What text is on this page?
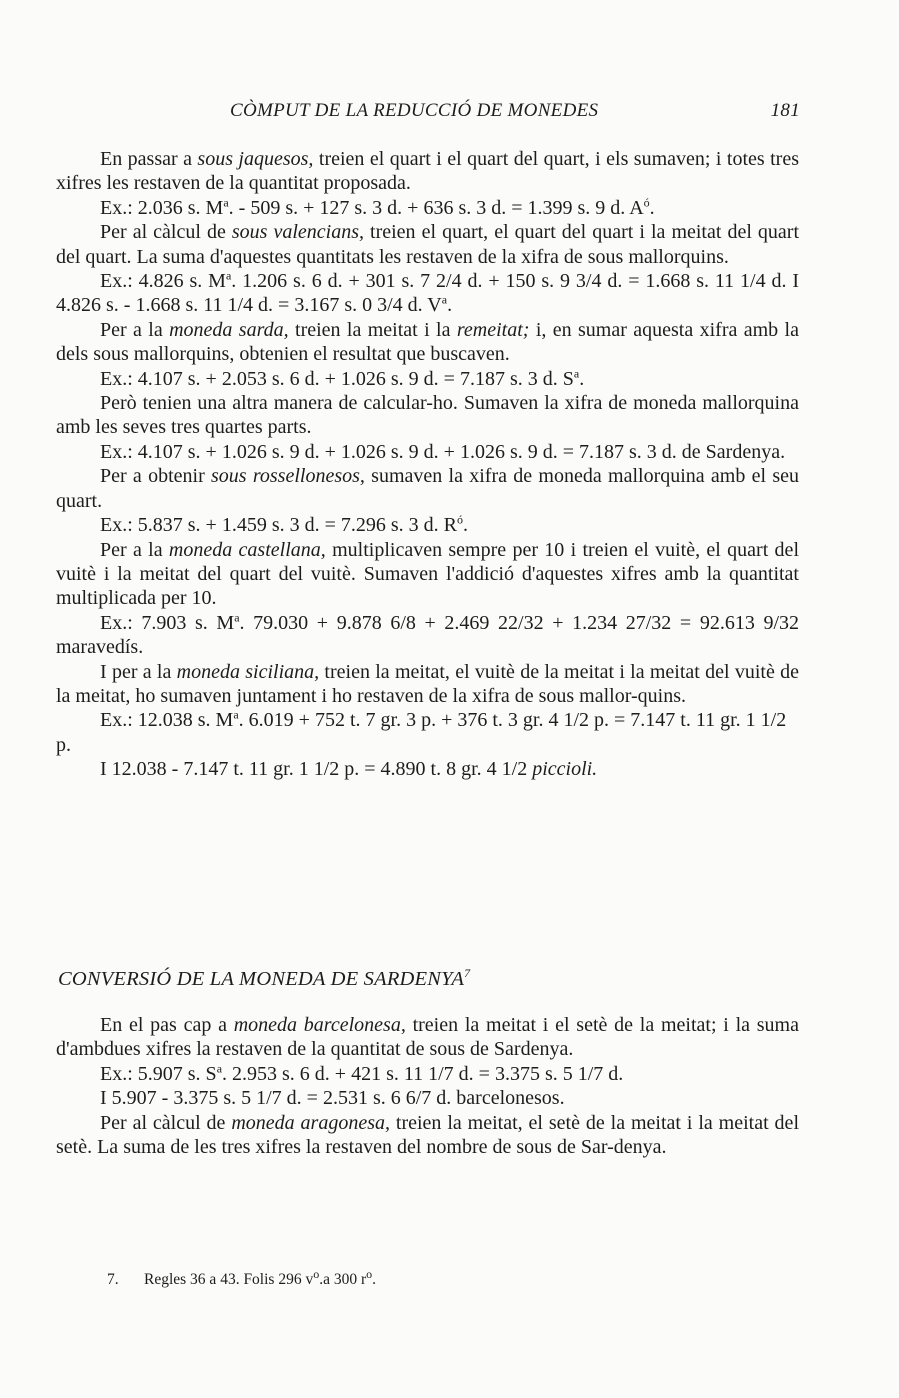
CÒMPUT DE LA REDUCCIÓ DE MONEDES	181

En passar a sous jaquesos, treien el quart i el quart del quart, i els sumaven; i totes tres xifres les restaven de la quantitat proposada.

Ex.: 2.036 s. $M^a$. - 509 s. + 127 s. 3 d. + 636 s. 3 d. = 1.399 s. 9 d. $A^ó$.

Per al càlcul de sous valencians, treien el quart, el quart del quart i la meitat del quart del quart. La suma d'aquestes quantitats les restaven de la xifra de sous mallorquins.

Ex.: 4.826 s. $M^a$. 1.206 s. 6 d. + 301 s. 7 2/4 d. + 150 s. 9 3/4 d. = 1.668 s. 11 1/4 d. I 4.826 s. - 1.668 s. 11 1/4 d. = 3.167 s. 0 3/4 d. $V^a$.

Per a la moneda sarda, treien la meitat i la remeitat; i, en sumar aquesta xifra amb la dels sous mallorquins, obtenien el resultat que buscaven.

Ex.: 4.107 s. + 2.053 s. 6 d. + 1.026 s. 9 d. = 7.187 s. 3 d. $S^a$.

Però tenien una altra manera de calcular-ho. Sumaven la xifra de moneda mallorquina amb les seves tres quartes parts.

Ex.: 4.107 s. + 1.026 s. 9 d. + 1.026 s. 9 d. + 1.026 s. 9 d. = 7.187 s. 3 d. de Sardenya.

Per a obtenir sous rossellonesos, sumaven la xifra de moneda mallorquina amb el seu quart.

Ex.: 5.837 s. + 1.459 s. 3 d. = 7.296 s. 3 d. $R^ó$.

Per a la moneda castellana, multiplicaven sempre per 10 i treien el vuitè, el quart del vuitè i la meitat del quart del vuitè. Sumaven l'addició d'aquestes xifres amb la quantitat multiplicada per 10.

Ex.: 7.903 s. $M^a$. 79.030 + 9.878 6/8 + 2.469 22/32 + 1.234 27/32 = 92.613 9/32 maravedís.

I per a la moneda siciliana, treien la meitat, el vuitè de la meitat i la meitat del vuitè de la meitat, ho sumaven juntament i ho restaven de la xifra de sous mallor-quins.

Ex.: 12.038 s. $M^a$. 6.019 + 752 t. 7 gr. 3 p. + 376 t. 3 gr. 4 1/2 p. = 7.147 t. 11 gr. 1 1/2 p.

I 12.038 - 7.147 t. 11 gr. 1 1/2 p. = 4.890 t. 8 gr. 4 1/2 piccioli.

CONVERSIÓ DE LA MONEDA DE SARDENYA$^7$

En el pas cap a moneda barcelonesa, treien la meitat i el setè de la meitat; i la suma d'ambdues xifres la restaven de la quantitat de sous de Sardenya.

Ex.: 5.907 s. $S^a$. 2.953 s. 6 d. + 421 s. 11 1/7 d. = 3.375 s. 5 1/7 d.

I 5.907 - 3.375 s. 5 1/7 d. = 2.531 s. 6 6/7 d. barcelonesos.

Per al càlcul de moneda aragonesa, treien la meitat, el setè de la meitat i la meitat del setè. La suma de les tres xifres la restaven del nombre de sous de Sar-denya.

7. Regles 36 a 43. Folis 296 $v^o.a$ 300 $r^o$.
